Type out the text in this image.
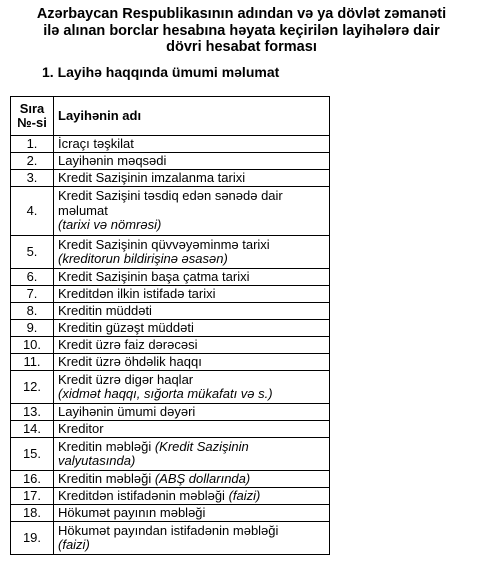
Azərbaycan Respublikasının adından və ya dövlət zəmanəti
ilə alınan borclar hesabına həyata keçirilən layihələrə dair
dövri hesabat forması
1. Layihə haqqında ümumi məlumat
Sıra
№-si	Layihənin adı
1.	İcraçı təşkilat
2.	Layihənin məqsədi
3.	Kredit Sazişinin imzalanma tarixi
4.	Kredit Sazişini təsdiq edən sənədə dair məlumat
(tarixi və nömrəsi)
5.	Kredit Sazişinin qüvvəyəminmə tarixi
(kreditorun bildirişinə əsasən)
6.	Kredit Sazişinin başa çatma tarixi
7.	Kreditdən ilkin istifadə tarixi
8.	Kreditin müddəti
9.	Kreditin güzəşt müddəti
10.	Kredit üzrə faiz dərəcəsi
11.	Kredit üzrə öhdəlik haqqı
12.	Kredit üzrə digər haqlar
(xidmət haqqı, sığorta mükafatı və s.)
13.	Layihənin ümumi dəyəri
14.	Kreditor
15.	Kreditin məbləği (Kredit Sazişinin valyutasında)
16.	Kreditin məbləği (ABŞ dollarında)
17.	Kreditdən istifadənin məbləği (faizi)
18.	Hökumət payının məbləği
19.	Hökumət payından istifadənin məbləği
(faizi)
